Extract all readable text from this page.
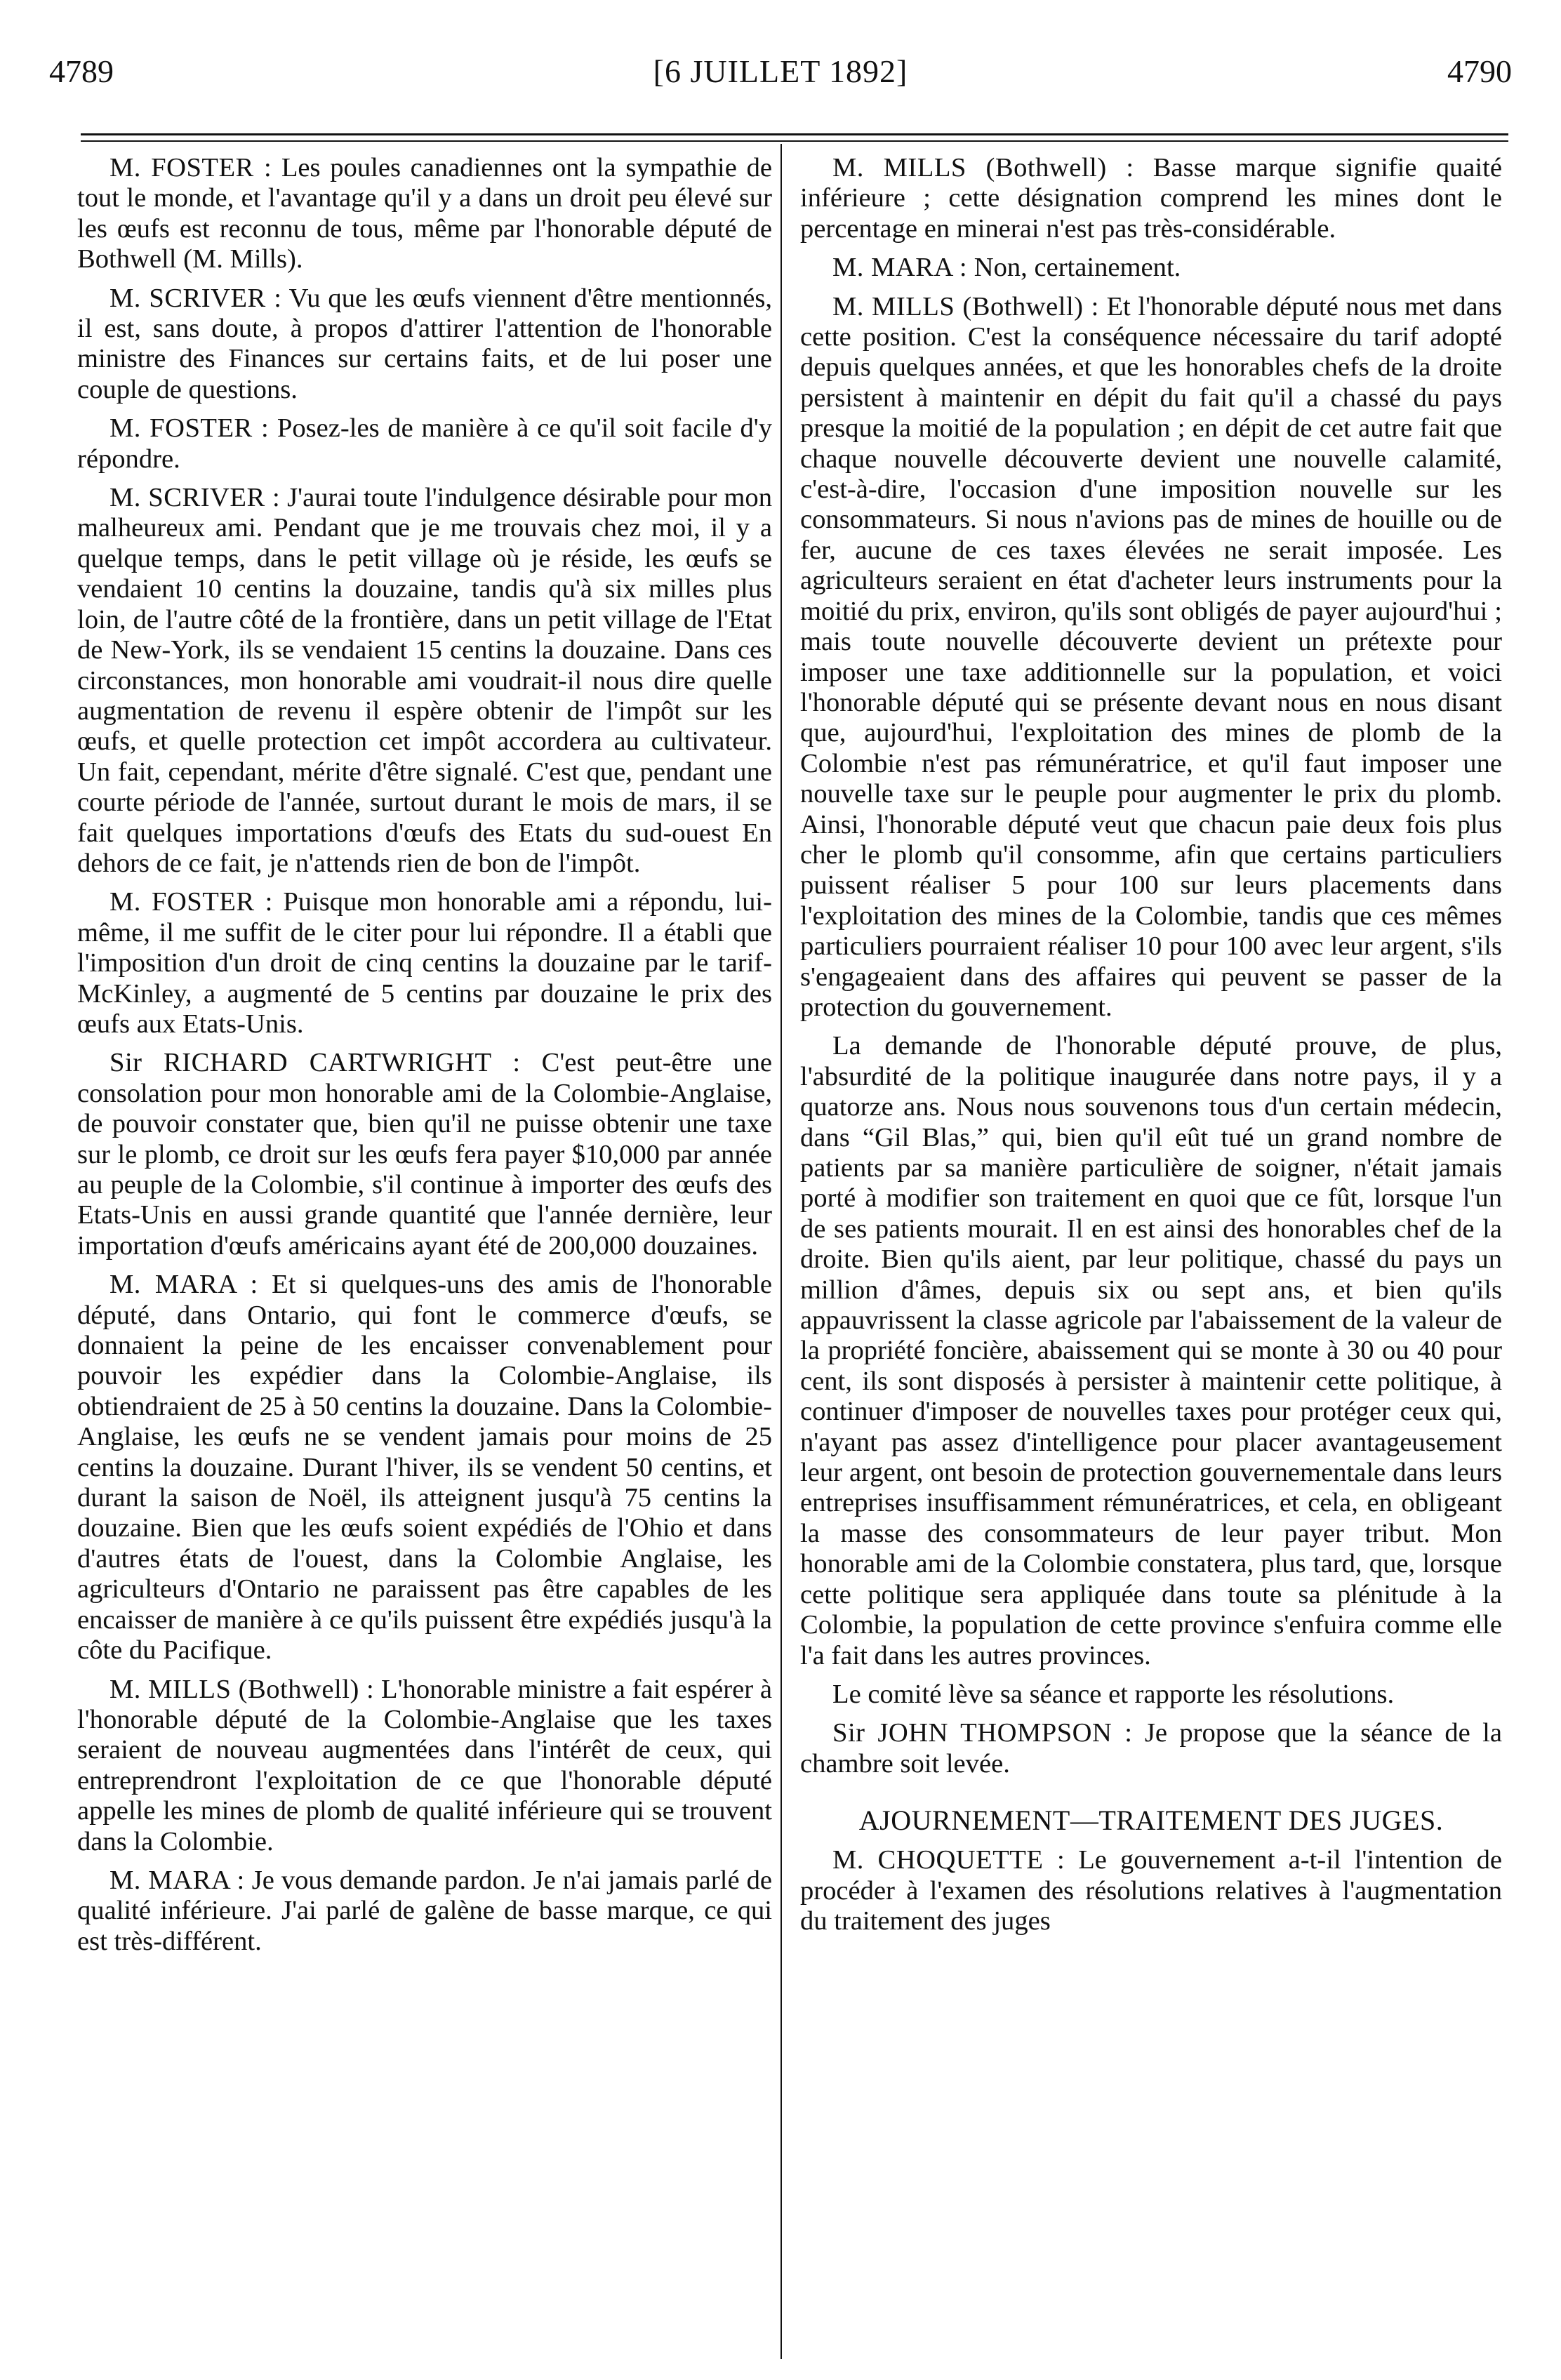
4789	[6 JUILLET 1892]	4790

M. FOSTER : Les poules canadiennes ont la sympathie de tout le monde, et l'avantage qu'il y a dans un droit peu élevé sur les œufs est reconnu de tous, même par l'honorable député de Bothwell (M. Mills).

M. SCRIVER : Vu que les œufs viennent d'être mentionnés, il est, sans doute, à propos d'attirer l'attention de l'honorable ministre des Finances sur certains faits, et de lui poser une couple de questions.

M. FOSTER : Posez-les de manière à ce qu'il soit facile d'y répondre.

M. SCRIVER : J'aurai toute l'indulgence désirable pour mon malheureux ami. Pendant que je me trouvais chez moi, il y a quelque temps, dans le petit village où je réside, les œufs se vendaient 10 centins la douzaine, tandis qu'à six milles plus loin, de l'autre côté de la frontière, dans un petit village de l'Etat de New-York, ils se vendaient 15 centins la douzaine. Dans ces circonstances, mon honorable ami voudrait-il nous dire quelle augmentation de revenu il espère obtenir de l'impôt sur les œufs, et quelle protection cet impôt accordera au cultivateur. Un fait, cependant, mérite d'être signalé. C'est que, pendant une courte période de l'année, surtout durant le mois de mars, il se fait quelques importations d'œufs des Etats du sud-ouest En dehors de ce fait, je n'attends rien de bon de l'impôt.

M. FOSTER : Puisque mon honorable ami a répondu, lui-même, il me suffit de le citer pour lui répondre. Il a établi que l'imposition d'un droit de cinq centins la douzaine par le tarif-McKinley, a augmenté de 5 centins par douzaine le prix des œufs aux Etats-Unis.

Sir RICHARD CARTWRIGHT : C'est peut-être une consolation pour mon honorable ami de la Colombie-Anglaise, de pouvoir constater que, bien qu'il ne puisse obtenir une taxe sur le plomb, ce droit sur les œufs fera payer $10,000 par année au peuple de la Colombie, s'il continue à importer des œufs des Etats-Unis en aussi grande quantité que l'année dernière, leur importation d'œufs américains ayant été de 200,000 douzaines.

M. MARA : Et si quelques-uns des amis de l'honorable député, dans Ontario, qui font le commerce d'œufs, se donnaient la peine de les encaisser convenablement pour pouvoir les expédier dans la Colombie-Anglaise, ils obtiendraient de 25 à 50 centins la douzaine. Dans la Colombie-Anglaise, les œufs ne se vendent jamais pour moins de 25 centins la douzaine. Durant l'hiver, ils se vendent 50 centins, et durant la saison de Noël, ils atteignent jusqu'à 75 centins la douzaine. Bien que les œufs soient expédiés de l'Ohio et dans d'autres états de l'ouest, dans la Colombie Anglaise, les agriculteurs d'Ontario ne paraissent pas être capables de les encaisser de manière à ce qu'ils puissent être expédiés jusqu'à la côte du Pacifique.

M. MILLS (Bothwell) : L'honorable ministre a fait espérer à l'honorable député de la Colombie-Anglaise que les taxes seraient de nouveau augmentées dans l'intérêt de ceux, qui entreprendront l'exploitation de ce que l'honorable député appelle les mines de plomb de qualité inférieure qui se trouvent dans la Colombie.

M. MARA : Je vous demande pardon. Je n'ai jamais parlé de qualité inférieure. J'ai parlé de galène de basse marque, ce qui est très-différent.

M. MILLS (Bothwell) : Basse marque signifie quaité inférieure ; cette désignation comprend les mines dont le percentage en minerai n'est pas très-considérable.

M. MARA : Non, certainement.

M. MILLS (Bothwell) : Et l'honorable député nous met dans cette position. C'est la conséquence nécessaire du tarif adopté depuis quelques années, et que les honorables chefs de la droite persistent à maintenir en dépit du fait qu'il a chassé du pays presque la moitié de la population ; en dépit de cet autre fait que chaque nouvelle découverte devient une nouvelle calamité, c'est-à-dire, l'occasion d'une imposition nouvelle sur les consommateurs. Si nous n'avions pas de mines de houille ou de fer, aucune de ces taxes élevées ne serait imposée. Les agriculteurs seraient en état d'acheter leurs instruments pour la moitié du prix, environ, qu'ils sont obligés de payer aujourd'hui ; mais toute nouvelle découverte devient un prétexte pour imposer une taxe additionnelle sur la population, et voici l'honorable député qui se présente devant nous en nous disant que, aujourd'hui, l'exploitation des mines de plomb de la Colombie n'est pas rémunératrice, et qu'il faut imposer une nouvelle taxe sur le peuple pour augmenter le prix du plomb. Ainsi, l'honorable député veut que chacun paie deux fois plus cher le plomb qu'il consomme, afin que certains particuliers puissent réaliser 5 pour 100 sur leurs placements dans l'exploitation des mines de la Colombie, tandis que ces mêmes particuliers pourraient réaliser 10 pour 100 avec leur argent, s'ils s'engageaient dans des affaires qui peuvent se passer de la protection du gouvernement.

La demande de l'honorable député prouve, de plus, l'absurdité de la politique inaugurée dans notre pays, il y a quatorze ans. Nous nous souvenons tous d'un certain médecin, dans “Gil Blas,” qui, bien qu'il eût tué un grand nombre de patients par sa manière particulière de soigner, n'était jamais porté à modifier son traitement en quoi que ce fût, lorsque l'un de ses patients mourait. Il en est ainsi des honorables chef de la droite. Bien qu'ils aient, par leur politique, chassé du pays un million d'âmes, depuis six ou sept ans, et bien qu'ils appauvrissent la classe agricole par l'abaissement de la valeur de la propriété foncière, abaissement qui se monte à 30 ou 40 pour cent, ils sont disposés à persister à maintenir cette politique, à continuer d'imposer de nouvelles taxes pour protéger ceux qui, n'ayant pas assez d'intelligence pour placer avantageusement leur argent, ont besoin de protection gouvernementale dans leurs entreprises insuffisamment rémunératrices, et cela, en obligeant la masse des consommateurs de leur payer tribut. Mon honorable ami de la Colombie constatera, plus tard, que, lorsque cette politique sera appliquée dans toute sa plénitude à la Colombie, la population de cette province s'enfuira comme elle l'a fait dans les autres provinces.

Le comité lève sa séance et rapporte les résolutions.

Sir JOHN THOMPSON : Je propose que la séance de la chambre soit levée.

AJOURNEMENT—TRAITEMENT DES JUGES.

M. CHOQUETTE : Le gouvernement a-t-il l'intention de procéder à l'examen des résolutions relatives à l'augmentation du traitement des juges
